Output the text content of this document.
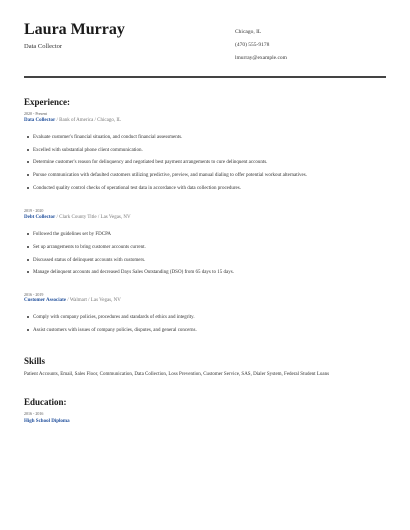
Laura Murray
Data Collector
Chicago, IL
(470) 555-9178
lmurray@example.com
Experience:
2020 - Present
Data Collector / Bank of America / Chicago, IL
Evaluate customer's financial situation, and conduct financial assessments.
Excelled with substantial phone client communication.
Determine customer's reason for delinquency and negotiated best payment arrangements to cure delinquent accounts.
Pursue communication with defaulted customers utilizing predictive, preview, and manual dialing to offer potential workout alternatives.
Conducted quality control checks of operational test data in accordance with data collection procedures.
2019 - 2020
Debt Collector / Clark County Title / Las Vegas, NV
Followed the guidelines set by FDCPA
Set up arrangements to bring customer accounts current.
Discussed status of delinquent accounts with customers.
Manage delinquent accounts and decreased Days Sales Outstanding (DSO) from 65 days to 15 days.
2016 - 2019
Customer Associate / Walmart / Las Vegas, NV
Comply with company policies, procedures and standards of ethics and integrity.
Assist customers with issues of company policies, disputes, and general concerns.
Skills
Patient Accounts, Email, Sales Floor, Communication, Data Collection, Loss Prevention, Customer Service, SAS, Dialer System, Federal Student Loans
Education:
2016 - 2016
High School Diploma
